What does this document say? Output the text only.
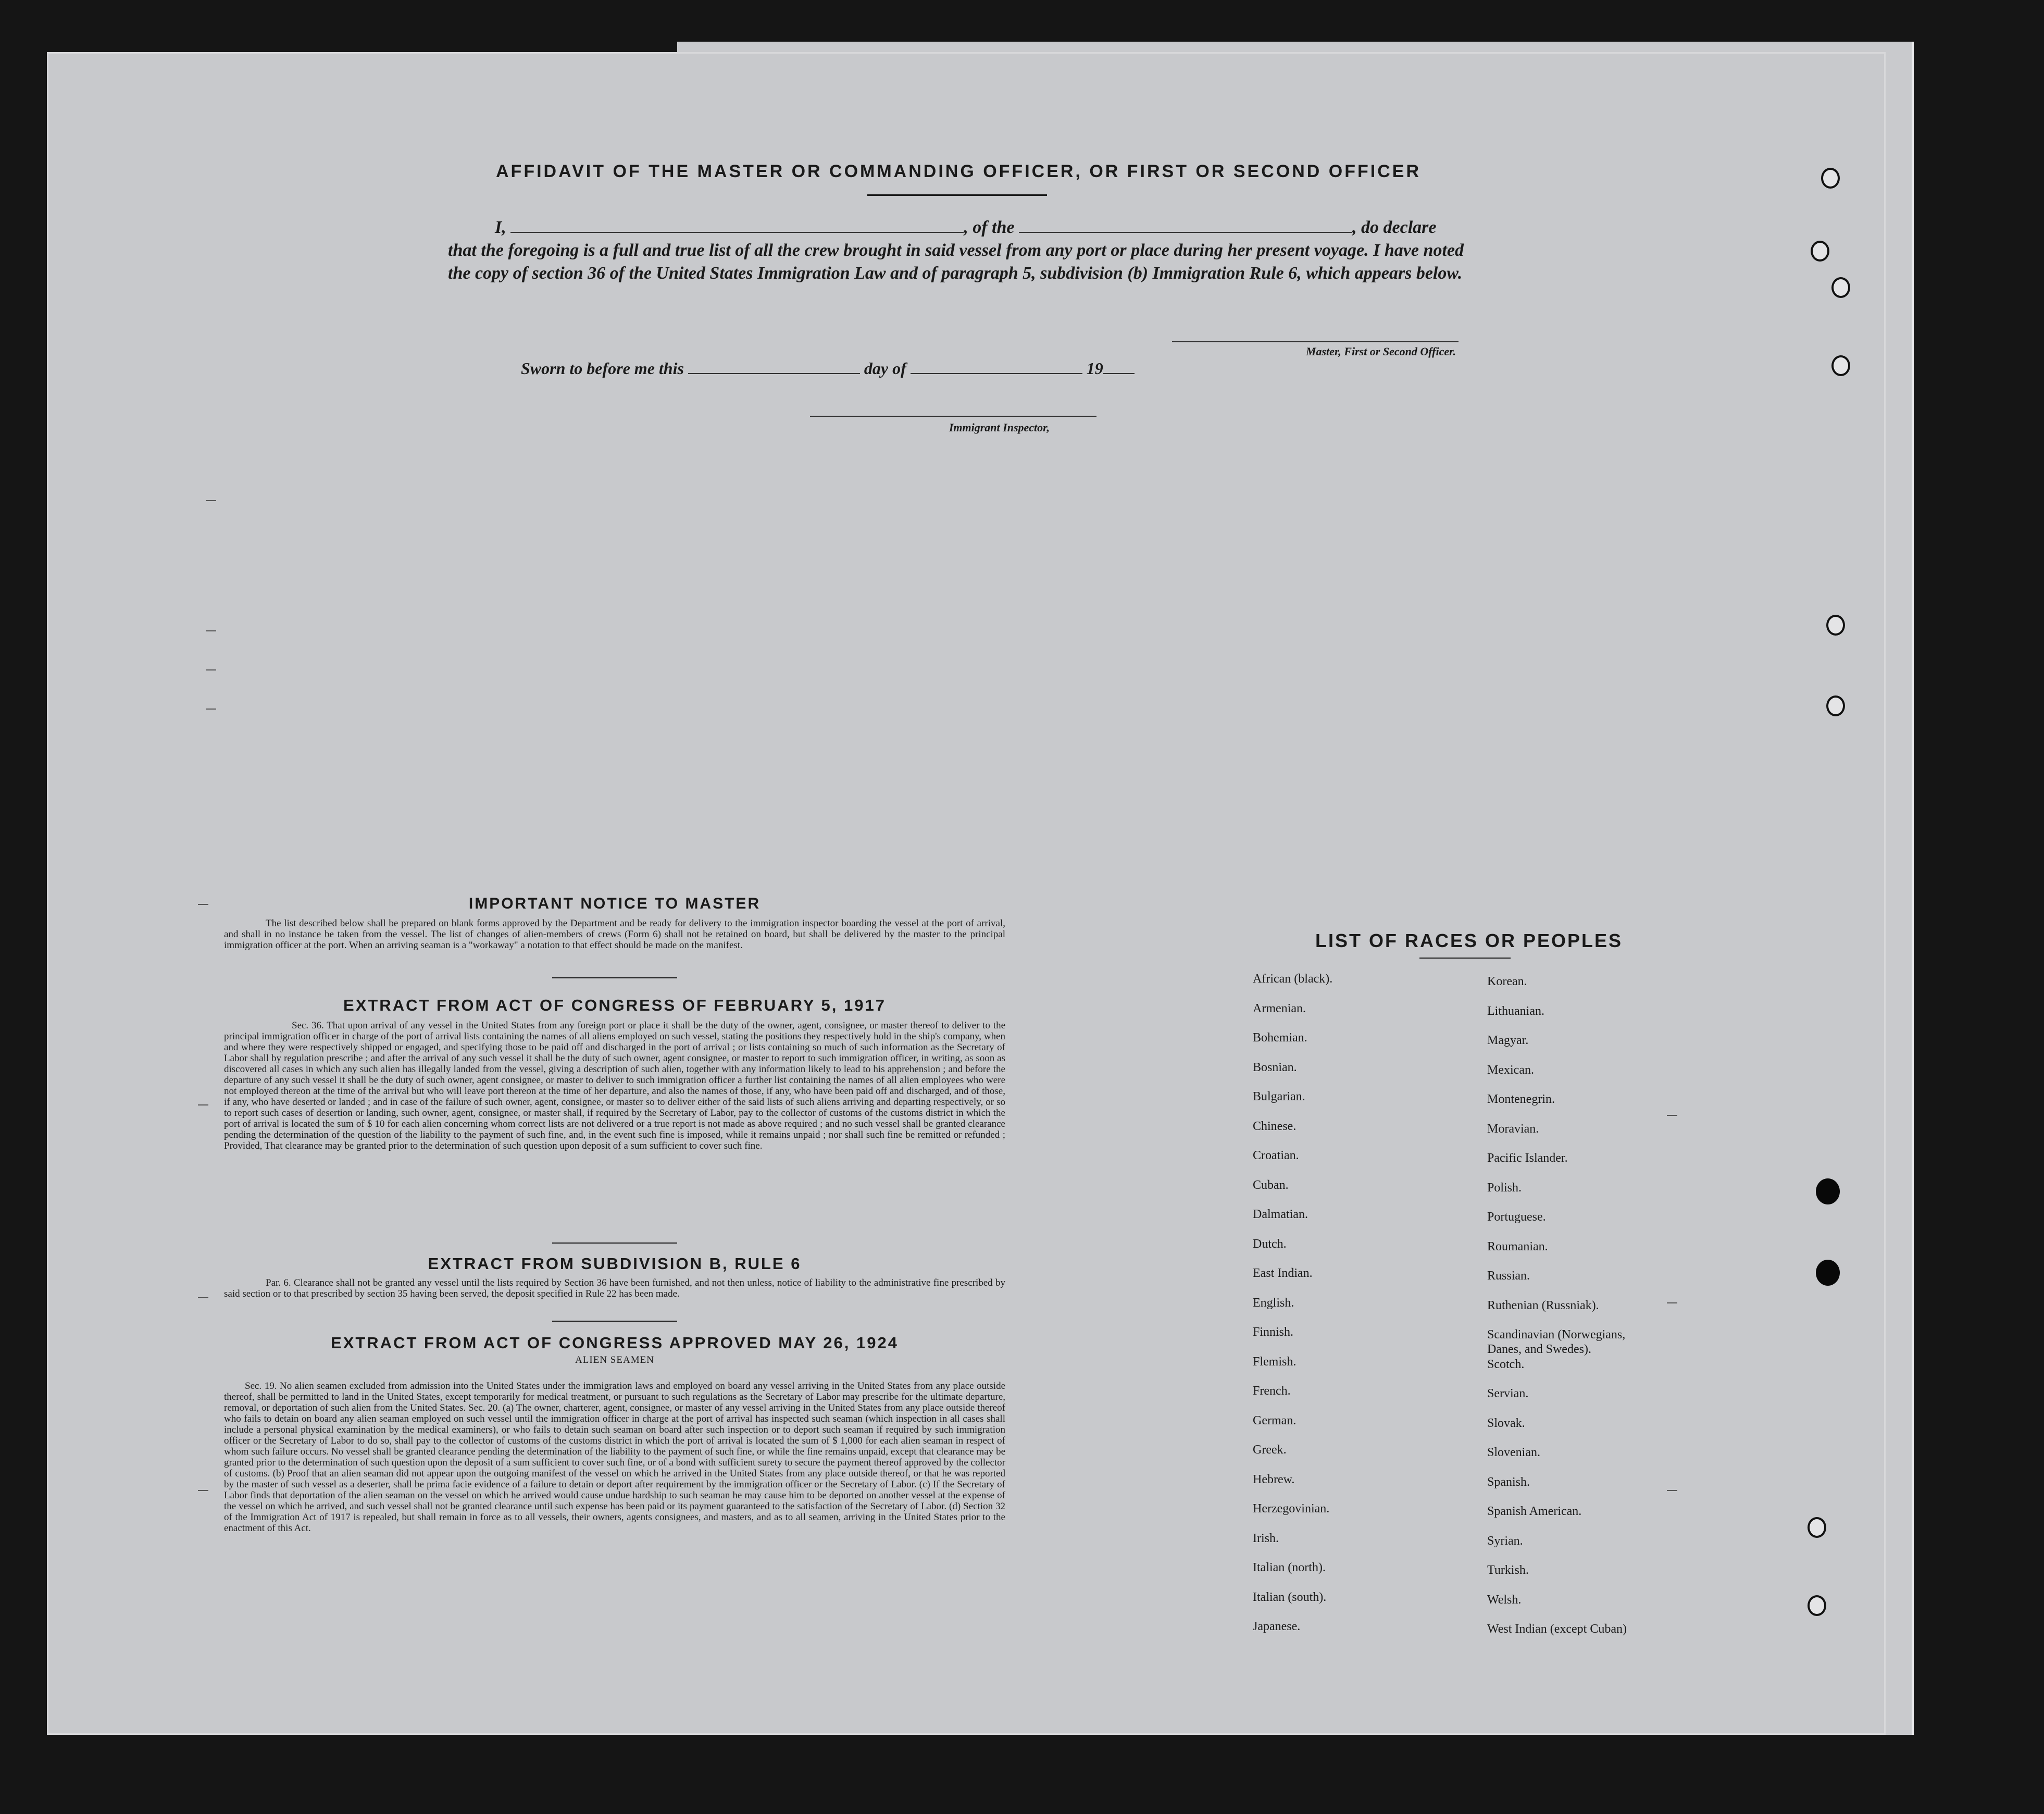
AFFIDAVIT OF THE MASTER OR COMMANDING OFFICER, OR FIRST OR SECOND OFFICER
I,	, of the	, do declare
that the foregoing is a full and true list of all the crew brought in said vessel from any port or place during her present voyage. I have noted the copy of section 36 of the United States Immigration Law and of paragraph 5, subdivision (b) Immigration Rule 6, which appears below.
Master, First or Second Officer.
Sworn to before me this	day of	19
Immigrant Inspector,
IMPORTANT NOTICE TO MASTER
The list described below shall be prepared on blank forms approved by the Department and be ready for delivery to the immigration inspector boarding the vessel at the port of arrival, and shall in no instance be taken from the vessel. The list of changes of alien-members of crews (Form 6) shall not be retained on board, but shall be delivered by the master to the principal immigration officer at the port. When an arriving seaman is a "workaway" a notation to that effect should be made on the manifest.
EXTRACT FROM ACT OF CONGRESS OF FEBRUARY 5, 1917
Sec. 36. That upon arrival of any vessel in the United States from any foreign port or place it shall be the duty of the owner, agent, consignee, or master thereof to deliver to the principal immigration officer in charge of the port of arrival lists containing the names of all aliens employed on such vessel, stating the positions they respectively hold in the ship's company, when and where they were respectively shipped or engaged, and specifying those to be paid off and discharged in the port of arrival ; or lists containing so much of such information as the Secretary of Labor shall by regulation prescribe ; and after the arrival of any such vessel it shall be the duty of such owner, agent consignee, or master to report to such immigration officer, in writing, as soon as discovered all cases in which any such alien has illegally landed from the vessel, giving a description of such alien, together with any information likely to lead to his apprehension ; and before the departure of any such vessel it shall be the duty of such owner, agent consignee, or master to deliver to such immigration officer a further list containing the names of all alien employees who were not employed thereon at the time of the arrival but who will leave port thereon at the time of her departure, and also the names of those, if any, who have been paid off and discharged, and of those, if any, who have deserted or landed ; and in case of the failure of such owner, agent, consignee, or master so to deliver either of the said lists of such aliens arriving and departing respectively, or so to report such cases of desertion or landing, such owner, agent, consignee, or master shall, if required by the Secretary of Labor, pay to the collector of customs of the customs district in which the port of arrival is located the sum of $ 10 for each alien concerning whom correct lists are not delivered or a true report is not made as above required ; and no such vessel shall be granted clearance pending the determination of the question of the liability to the payment of such fine, and, in the event such fine is imposed, while it remains unpaid ; nor shall such fine be remitted or refunded ; Provided, That clearance may be granted prior to the determination of such question upon deposit of a sum sufficient to cover such fine.
EXTRACT FROM SUBDIVISION B, RULE 6
Par. 6. Clearance shall not be granted any vessel until the lists required by Section 36 have been furnished, and not then unless, notice of liability to the administrative fine prescribed by said section or to that prescribed by section 35 having been served, the deposit specified in Rule 22 has been made.
EXTRACT FROM ACT OF CONGRESS APPROVED MAY 26, 1924
ALIEN SEAMEN
Sec. 19. No alien seamen excluded from admission into the United States under the immigration laws and employed on board any vessel arriving in the United States from any place outside thereof, shall be permitted to land in the United States, except temporarily for medical treatment, or pursuant to such regulations as the Secretary of Labor may prescribe for the ultimate departure, removal, or deportation of such alien from the United States. Sec. 20. (a) The owner, charterer, agent, consignee, or master of any vessel arriving in the United States from any place outside thereof who fails to detain on board any alien seaman employed on such vessel until the immigration officer in charge at the port of arrival has inspected such seaman (which inspection in all cases shall include a personal physical examination by the medical examiners), or who fails to detain such seaman on board after such inspection or to deport such seaman if required by such immigration officer or the Secretary of Labor to do so, shall pay to the collector of customs of the customs district in which the port of arrival is located the sum of $ 1,000 for each alien seaman in respect of whom such failure occurs. No vessel shall be granted clearance pending the determination of the liability to the payment of such fine, or while the fine remains unpaid, except that clearance may be granted prior to the determination of such question upon the deposit of a sum sufficient to cover such fine, or of a bond with sufficient surety to secure the payment thereof approved by the collector of customs. (b) Proof that an alien seaman did not appear upon the outgoing manifest of the vessel on which he arrived in the United States from any place outside thereof, or that he was reported by the master of such vessel as a deserter, shall be prima facie evidence of a failure to detain or deport after requirement by the immigration officer or the Secretary of Labor. (c) If the Secretary of Labor finds that deportation of the alien seaman on the vessel on which he arrived would cause undue hardship to such seaman he may cause him to be deported on another vessel at the expense of the vessel on which he arrived, and such vessel shall not be granted clearance until such expense has been paid or its payment guaranteed to the satisfaction of the Secretary of Labor. (d) Section 32 of the Immigration Act of 1917 is repealed, but shall remain in force as to all vessels, their owners, agents consignees, and masters, and as to all seamen, arriving in the United States prior to the enactment of this Act.
LIST OF RACES OR PEOPLES
African (black).
Armenian.
Bohemian.
Bosnian.
Bulgarian.
Chinese.
Croatian.
Cuban.
Dalmatian.
Dutch.
East Indian.
English.
Finnish.
Flemish.
French.
German.
Greek.
Hebrew.
Herzegovinian.
Irish.
Italian (north).
Italian (south).
Japanese.
Korean.
Lithuanian.
Magyar.
Mexican.
Montenegrin.
Moravian.
Pacific Islander.
Polish.
Portuguese.
Roumanian.
Russian.
Ruthenian (Russniak).
Scandinavian (Norwegians,
Danes, and Swedes).
Scotch.
Servian.
Slovak.
Slovenian.
Spanish.
Spanish American.
Syrian.
Turkish.
Welsh.
West Indian (except Cuban)
